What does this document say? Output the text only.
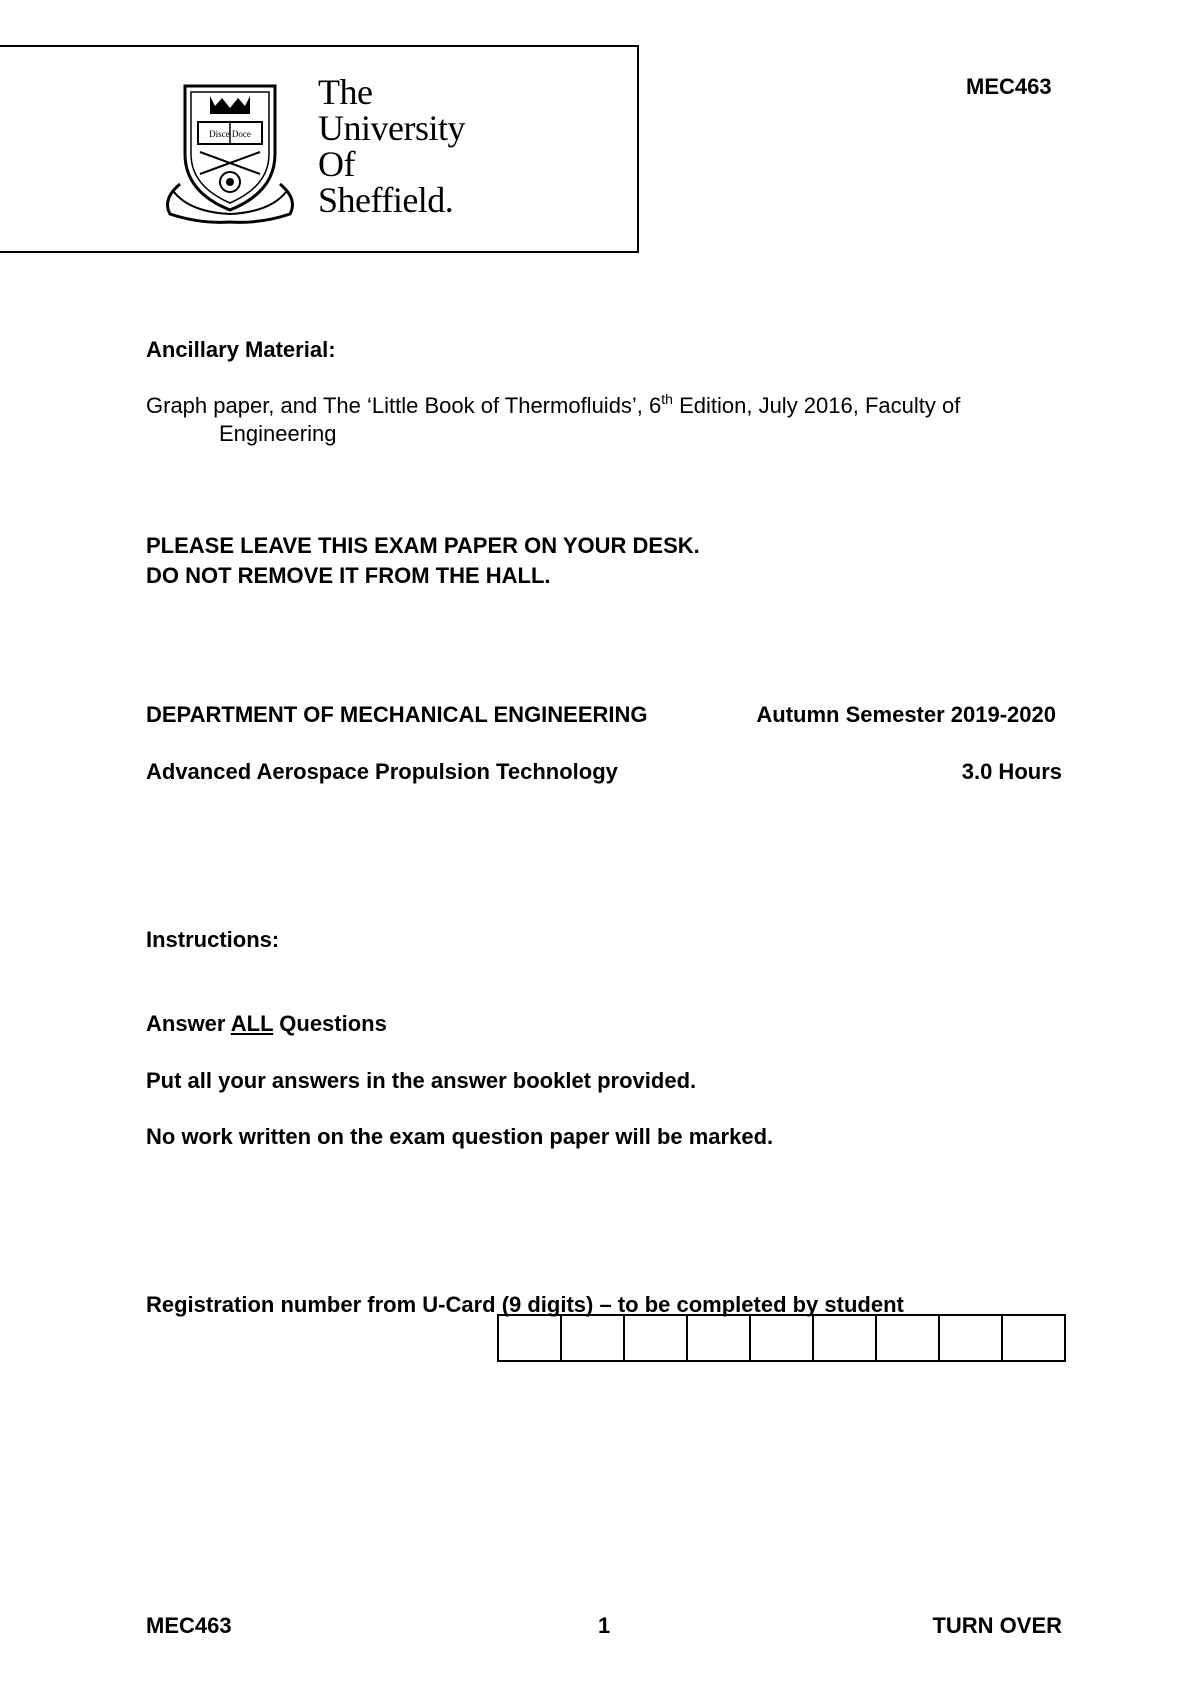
Disce Doce
The
University
Of
Sheffield.
MEC463
Ancillary Material:
Graph paper, and The ‘Little Book of Thermofluids’, 6th Edition, July 2016, Faculty of
Engineering
PLEASE LEAVE THIS EXAM PAPER ON YOUR DESK.
DO NOT REMOVE IT FROM THE HALL.
DEPARTMENT OF MECHANICAL ENGINEERING	Autumn Semester 2019-2020
Advanced Aerospace Propulsion Technology	3.0 Hours
Instructions:
Answer ALL Questions
Put all your answers in the answer booklet provided.
No work written on the exam question paper will be marked.
Registration number from U-Card (9 digits) – to be completed by student
MEC463	1	TURN OVER
